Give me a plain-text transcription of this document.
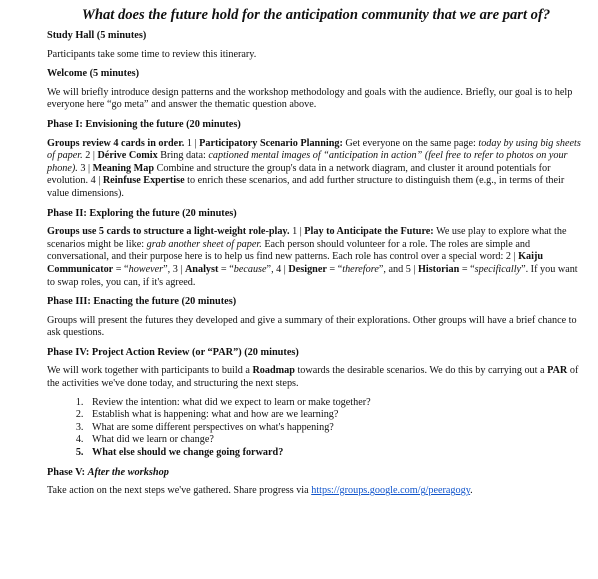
What does the future hold for the anticipation community that we are part of?
Study Hall (5 minutes)

Participants take some time to review this itinerary.

Welcome (5 minutes)

We will briefly introduce design patterns and the workshop methodology and goals with the audience. Briefly, our goal is to help everyone here “go meta” and answer the thematic question above.

Phase I: Envisioning the future (20 minutes)

Groups review 4 cards in order. 1 | Participatory Scenario Planning: Get everyone on the same page: today by using big sheets of paper. 2 | Dérive Comix Bring data: captioned mental images of “anticipation in action” (feel free to refer to photos on your phone). 3 | Meaning Map Combine and structure the group's data in a network diagram, and cluster it around potentials for evolution. 4 | Reinfuse Expertise to enrich these scenarios, and add further structure to distinguish them (e.g., in terms of their value dimensions).

Phase II: Exploring the future (20 minutes)

Groups use 5 cards to structure a light-weight role-play. 1 | Play to Anticipate the Future: We use play to explore what the scenarios might be like: grab another sheet of paper. Each person should volunteer for a role. The roles are simple and conversational, and their purpose here is to help us find new patterns. Each role has control over a special word: 2 | Kaiju Communicator = “however”, 3 | Analyst = “because”, 4 | Designer = “therefore”, and 5 | Historian = “specifically”. If you want to swap roles, you can, if it's agreed.

Phase III: Enacting the future (20 minutes)

Groups will present the futures they developed and give a summary of their explorations. Other groups will have a brief chance to ask questions.

Phase IV: Project Action Review (or “PAR”) (20 minutes)

We will work together with participants to build a Roadmap towards the desirable scenarios. We do this by carrying out a PAR of the activities we've done today, and structuring the next steps.

1. Review the intention: what did we expect to learn or make together?
2. Establish what is happening: what and how are we learning?
3. What are some different perspectives on what's happening?
4. What did we learn or change?
5. What else should we change going forward?
Phase V: After the workshop

Take action on the next steps we've gathered. Share progress via https://groups.google.com/g/peeragogy.
